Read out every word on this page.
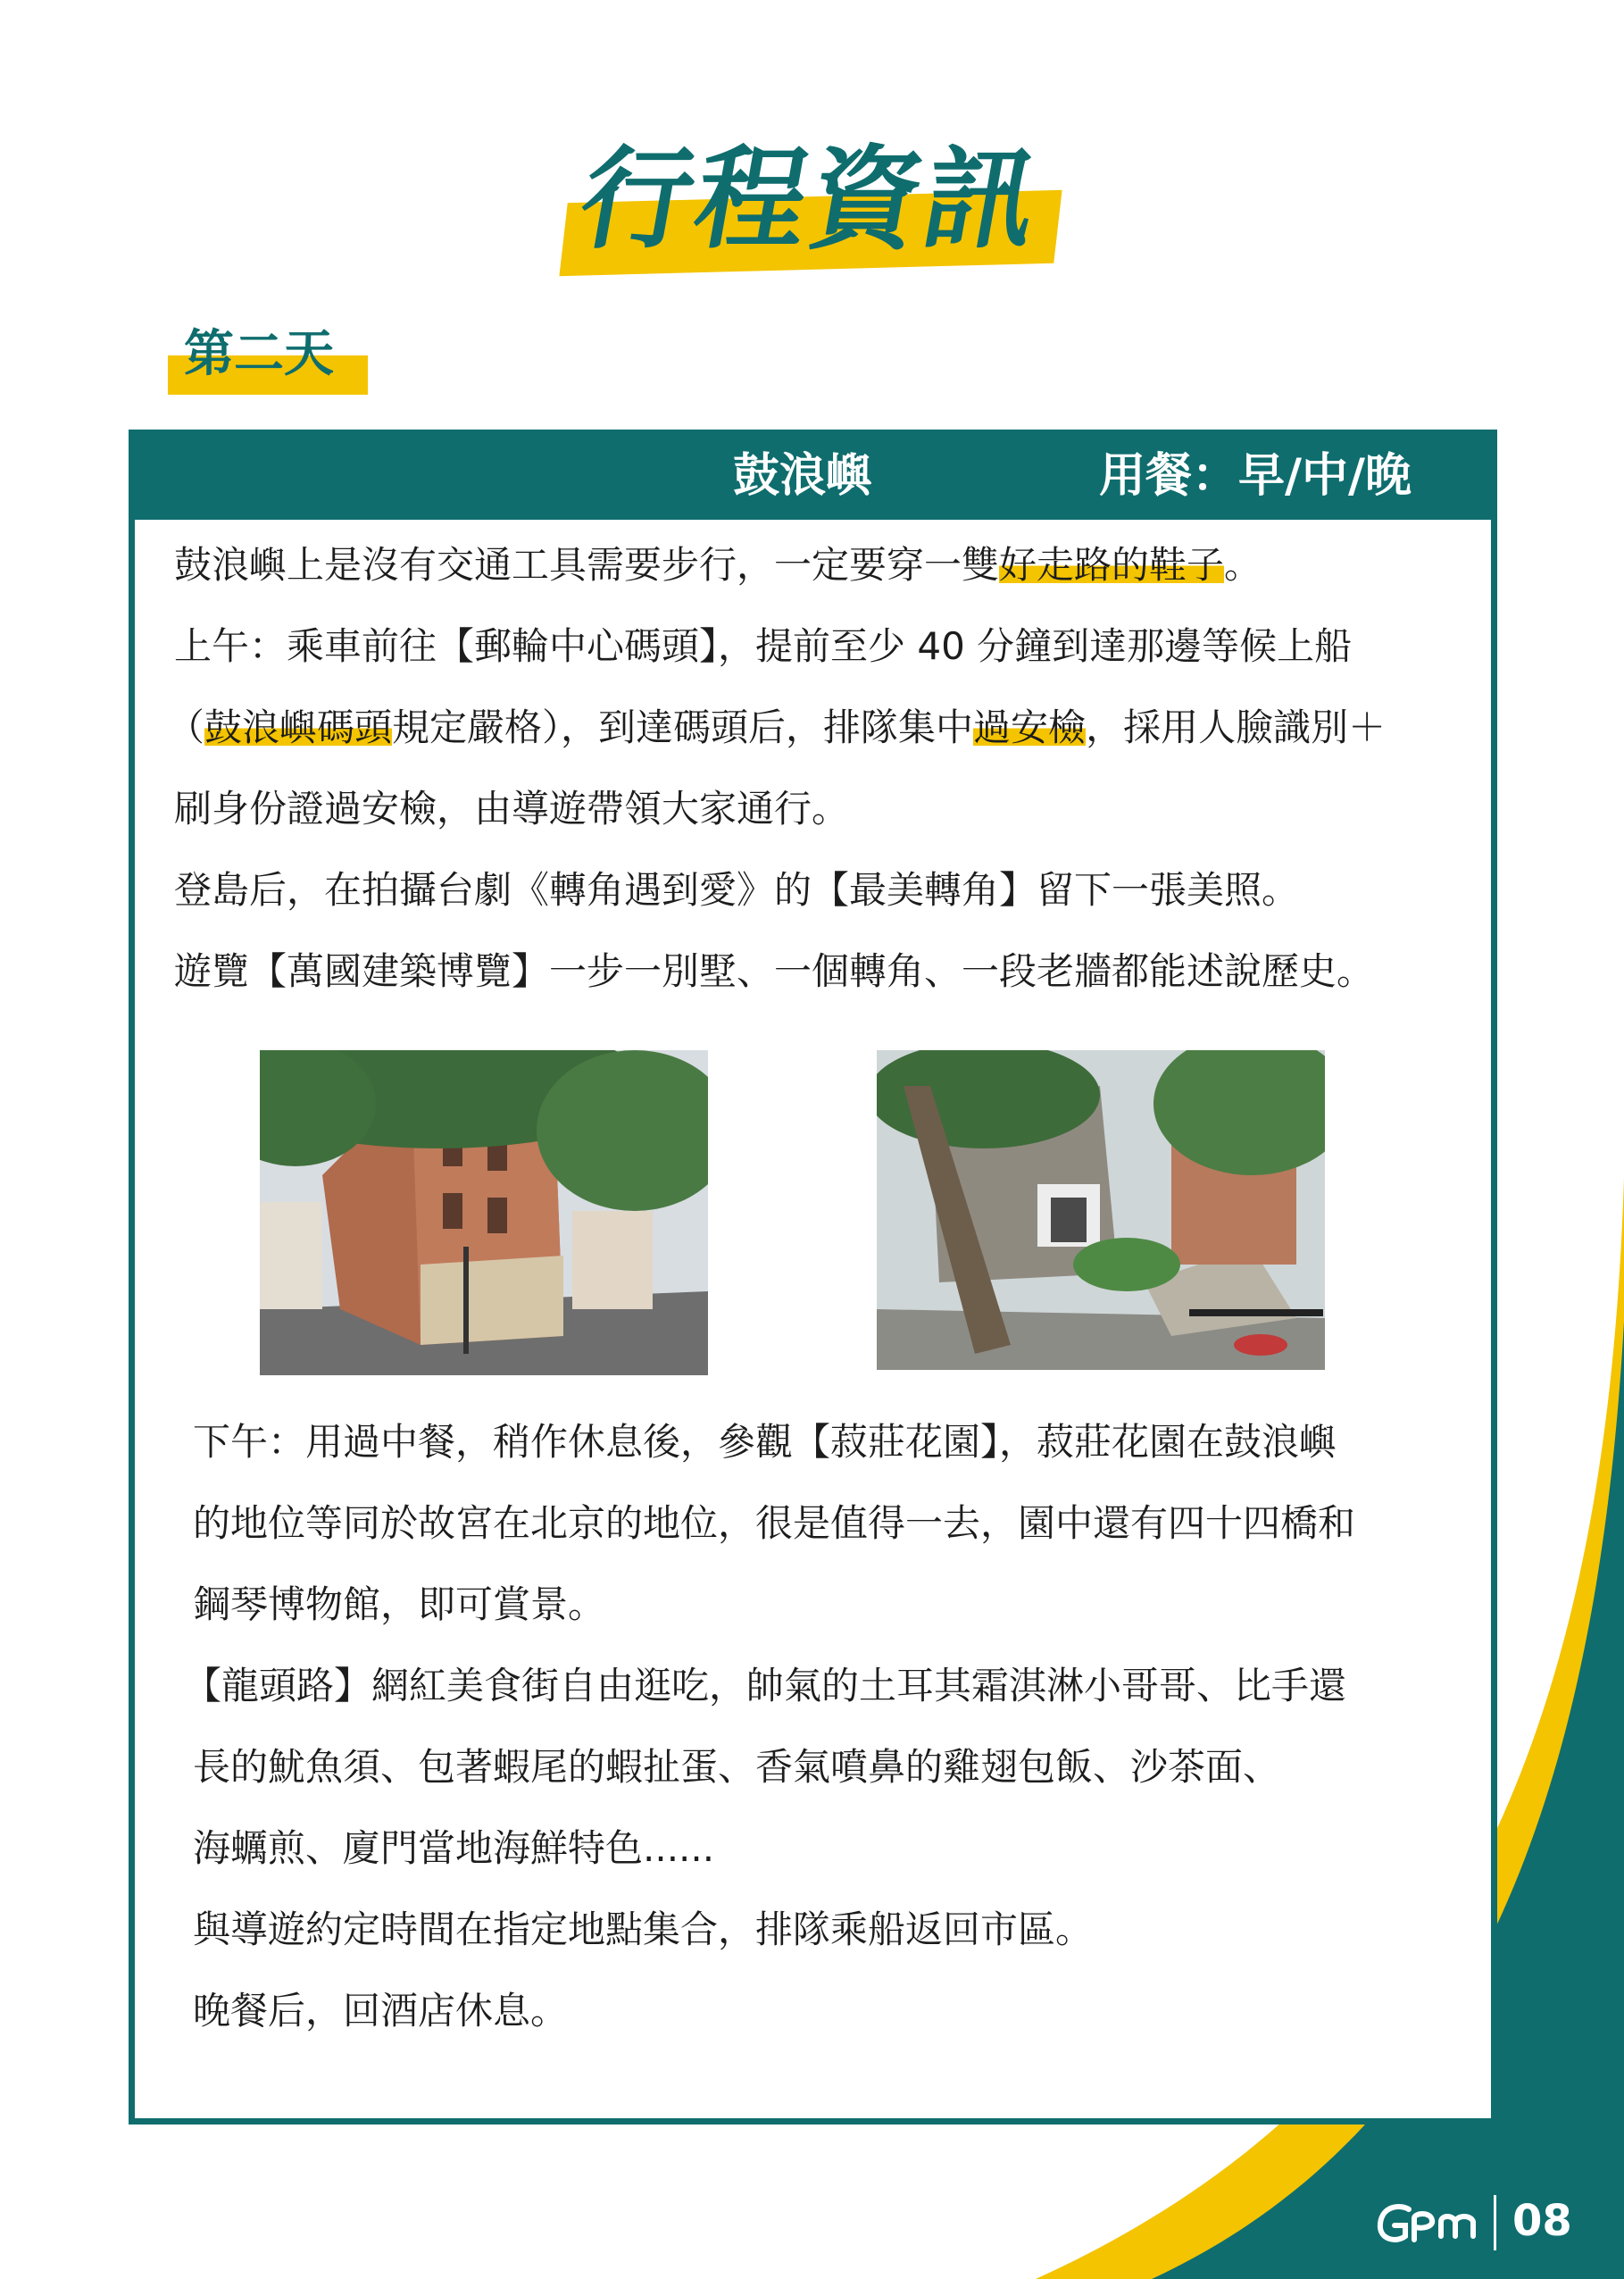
行程資訊
第二天
鼓浪嶼	用餐：早/中/晚
鼓浪嶼上是沒有交通工具需要步行，一定要穿一雙好走路的鞋子。
上午：乘車前往【郵輪中心碼頭】，提前至少 40 分鐘到達那邊等候上船
（鼓浪嶼碼頭規定嚴格），到達碼頭后，排隊集中過安檢，採用人臉識別＋
刷身份證過安檢，由導遊帶領大家通行。
登島后，在拍攝台劇《轉角遇到愛》的【最美轉角】留下一張美照。
遊覽【萬國建築博覽】一步一別墅、一個轉角、一段老牆都能述說歷史。
下午：用過中餐，稍作休息後，參觀【菽莊花園】，菽莊花園在鼓浪嶼
的地位等同於故宮在北京的地位，很是值得一去，園中還有四十四橋和
鋼琴博物館，即可賞景。
【龍頭路】網紅美食街自由逛吃，帥氣的土耳其霜淇淋小哥哥、比手還
長的魷魚須、包著蝦尾的蝦扯蛋、香氣噴鼻的雞翅包飯、沙茶面、
海蠣煎、廈門當地海鮮特色......
與導遊約定時間在指定地點集合，排隊乘船返回市區。
晚餐后，回酒店休息。
08
